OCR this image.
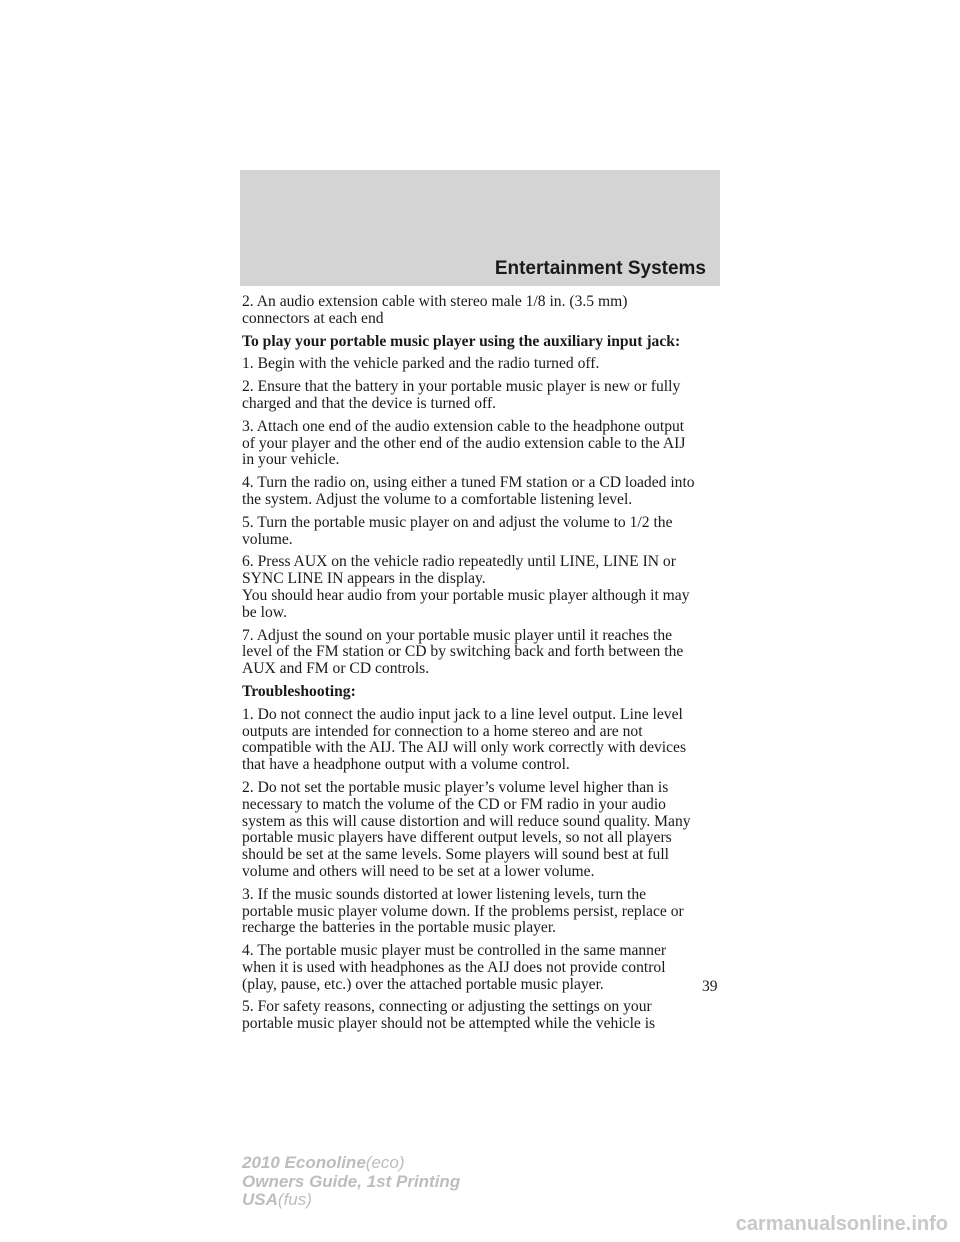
Entertainment Systems

2. An audio extension cable with stereo male 1/8 in. (3.5 mm)
connectors at each end

To play your portable music player using the auxiliary input jack:

1. Begin with the vehicle parked and the radio turned off.

2. Ensure that the battery in your portable music player is new or fully
charged and that the device is turned off.

3. Attach one end of the audio extension cable to the headphone output
of your player and the other end of the audio extension cable to the AIJ
in your vehicle.

4. Turn the radio on, using either a tuned FM station or a CD loaded into
the system. Adjust the volume to a comfortable listening level.

5. Turn the portable music player on and adjust the volume to 1/2 the
volume.

6. Press AUX on the vehicle radio repeatedly until LINE, LINE IN or
SYNC LINE IN appears in the display.

You should hear audio from your portable music player although it may
be low.

7. Adjust the sound on your portable music player until it reaches the
level of the FM station or CD by switching back and forth between the
AUX and FM or CD controls.

Troubleshooting:

1. Do not connect the audio input jack to a line level output. Line level
outputs are intended for connection to a home stereo and are not
compatible with the AIJ. The AIJ will only work correctly with devices
that have a headphone output with a volume control.

2. Do not set the portable music player’s volume level higher than is
necessary to match the volume of the CD or FM radio in your audio
system as this will cause distortion and will reduce sound quality. Many
portable music players have different output levels, so not all players
should be set at the same levels. Some players will sound best at full
volume and others will need to be set at a lower volume.

3. If the music sounds distorted at lower listening levels, turn the
portable music player volume down. If the problems persist, replace or
recharge the batteries in the portable music player.

4. The portable music player must be controlled in the same manner
when it is used with headphones as the AIJ does not provide control
(play, pause, etc.) over the attached portable music player.

5. For safety reasons, connecting or adjusting the settings on your
portable music player should not be attempted while the vehicle is

39
2010 Econoline(eco)
Owners Guide, 1st Printing
USA(fus)
carmanualsonline.info
